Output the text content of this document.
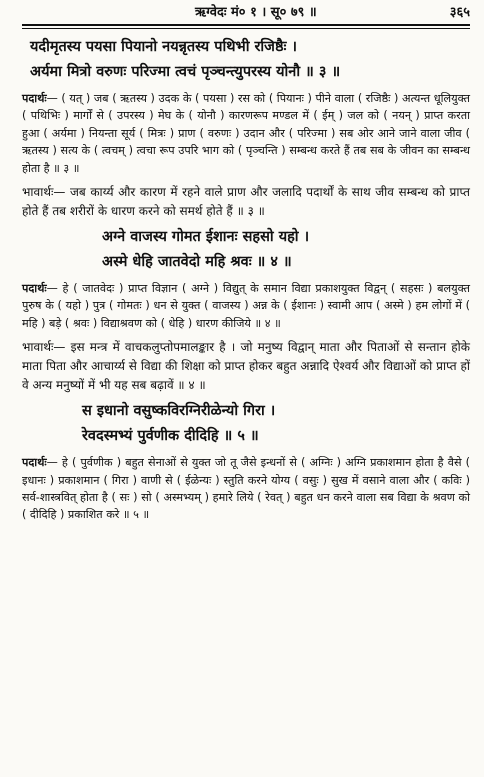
ऋग्वेदः मं० १ । सू० ७९ ॥	३६५
यदीमृतस्य पयसा पियानो नयन्नृतस्य पथिभी रजिष्ठैः ।
अर्यमा मित्रो वरुणः परिज्मा त्वचं पृञ्चन्त्युपरस्य योनौ ॥ ३ ॥

पदार्थः— ( यत् ) जब ( ऋतस्य ) उदक के ( पयसा ) रस को ( पियानः ) पीने वाला ( रजिष्ठैः ) अत्यन्त धूलियुक्त ( पथिभिः ) मार्गों से ( उपरस्य ) मेघ के ( योनौ ) कारणरूप मण्डल में ( ईम् ) जल को ( नयन् ) प्राप्त करता हुआ ( अर्यमा ) नियन्ता सूर्य ( मित्रः ) प्राण ( वरुणः ) उदान और ( परिज्मा ) सब ओर आने जाने वाला जीव ( ऋतस्य ) सत्य के ( त्वचम् ) त्वचा रूप उपरि भाग को ( पृञ्चन्ति ) सम्बन्ध करते हैं तब सब के जीवन का सम्बन्ध होता है ॥ ३ ॥

भावार्थः— जब कार्य्य और कारण में रहने वाले प्राण और जलादि पदार्थों के साथ जीव सम्बन्ध को प्राप्त होते हैं तब शरीरों के धारण करने को समर्थ होते हैं ॥ ३ ॥

अग्ने वाजस्य गोमत ईशानः सहसो यहो ।
अस्मे धेहि जातवेदो महि श्रवः ॥ ४ ॥

पदार्थः— हे ( जातवेदः ) प्राप्त विज्ञान ( अग्ने ) विद्युत् के समान विद्या प्रकाशयुक्त विद्वन् ( सहसः ) बलयुक्त पुरुष के ( यहो ) पुत्र ( गोमतः ) धन से युक्त ( वाजस्य ) अन्न के ( ईशानः ) स्वामी आप ( अस्मे ) हम लोगों में ( महि ) बड़े ( श्रवः ) विद्याश्रवण को ( धेहि ) धारण कीजिये ॥ ४ ॥

भावार्थः— इस मन्त्र में वाचकलुप्तोपमालङ्कार है । जो मनुष्य विद्वान् माता और पिताओं से सन्तान होके माता पिता और आचार्य्य से विद्या की शिक्षा को प्राप्त होकर बहुत अन्नादि ऐश्वर्य और विद्याओं को प्राप्त हों वे अन्य मनुष्यों में भी यह सब बढ़ावें ॥ ४ ॥

स इधानो वसुष्कविरग्निरीळेन्यो गिरा ।
रेवदस्मभ्यं पुर्वणीक दीदिहि ॥ ५ ॥

पदार्थः— हे ( पुर्वणीक ) बहुत सेनाओं से युक्त जो तू जैसे इन्धनों से ( अग्निः ) अग्नि प्रकाशमान होता है वैसे ( इधानः ) प्रकाशमान ( गिरा ) वाणी से ( ईळेन्यः ) स्तुति करने योग्य ( वसुः ) सुख में वसाने वाला और ( कविः ) सर्व-शास्त्रवित् होता है ( सः ) सो ( अस्मभ्यम् ) हमारे लिये ( रेवत् ) बहुत धन करने वाला सब विद्या के श्रवण को ( दीदिहि ) प्रकाशित करे ॥ ५ ॥
